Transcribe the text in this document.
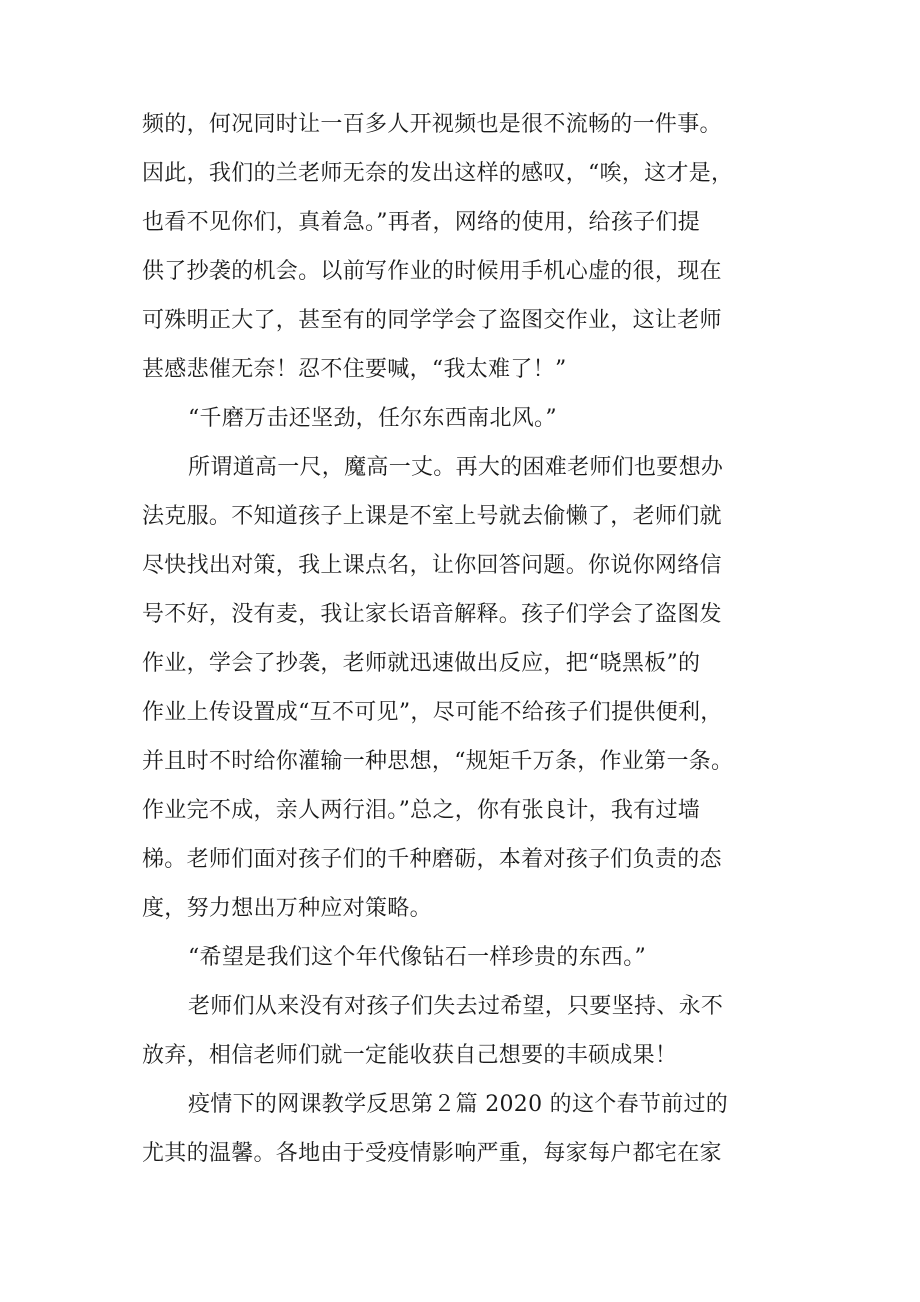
频的，何况同时让一百多人开视频也是很不流畅的一件事。
因此，我们的兰老师无奈的发出这样的感叹，“唉，这才是，
也看不见你们，真着急。”再者，网络的使用，给孩子们提
供了抄袭的机会。以前写作业的时候用手机心虚的很，现在
可殊明正大了，甚至有的同学学会了盗图交作业，这让老师
甚感悲催无奈！忍不住要喊，“我太难了！”
“千磨万击还坚劲，任尔东西南北风。”
所谓道高一尺，魔高一丈。再大的困难老师们也要想办
法克服。不知道孩子上课是不室上号就去偷懒了，老师们就
尽快找出对策，我上课点名，让你回答问题。你说你网络信
号不好，没有麦，我让家长语音解释。孩子们学会了盗图发
作业，学会了抄袭，老师就迅速做出反应，把“晓黑板”的
作业上传设置成“互不可见”，尽可能不给孩子们提供便利，
并且时不时给你灌输一种思想，“规矩千万条，作业第一条。
作业完不成，亲人两行泪。”总之，你有张良计，我有过墙
梯。老师们面对孩子们的千种磨砺，本着对孩子们负责的态
度，努力想出万种应对策略。
“希望是我们这个年代像钻石一样珍贵的东西。”
老师们从来没有对孩子们失去过希望，只要坚持、永不
放弃，相信老师们就一定能收获自己想要的丰硕成果！
疫情下的网课教学反思第２篇 2020 的这个春节前过的
尤其的温馨。各地由于受疫情影响严重，每家每户都宅在家
